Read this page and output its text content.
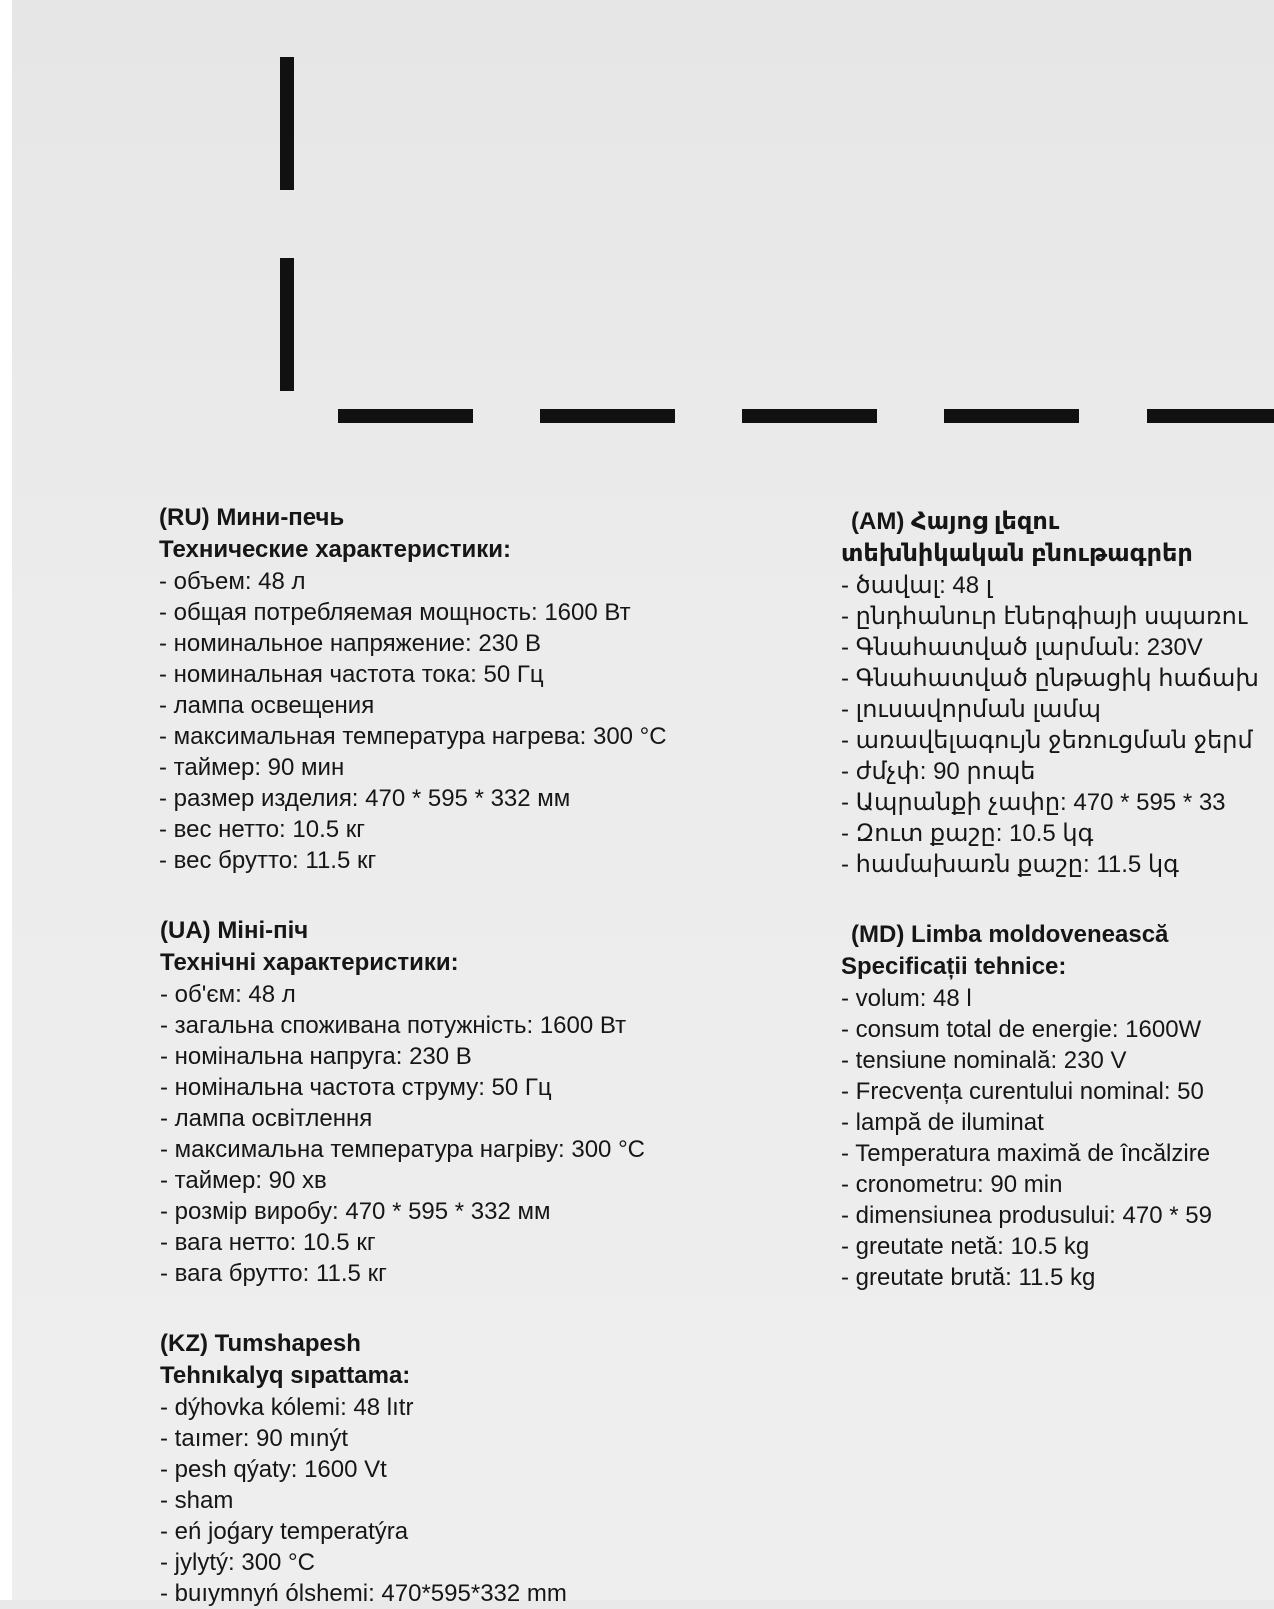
(RU) Мини-печь
Технические характеристики:
- объем: 48 л
- общая потребляемая мощность: 1600 Вт
- номинальное напряжение: 230 В
- номинальная частота тока: 50 Гц
- лампа освещения
- максимальная температура нагрева: 300 °C
- таймер: 90 мин
- размер изделия: 470 * 595 * 332 мм
- вес нетто: 10.5 кг
- вес брутто: 11.5 кг
(UA) Міні-піч
Технічні характеристики:
- об'єм: 48 л
- загальна споживана потужність: 1600 Вт
- номінальна напруга: 230 В
- номінальна частота струму: 50 Гц
- лампа освітлення
- максимальна температура нагріву: 300 °C
- таймер: 90 хв
- розмір виробу: 470 * 595 * 332 мм
- вага нетто: 10.5 кг
- вага брутто: 11.5 кг
(KZ) Tumshapesh
Tehnıkalyq sıpattama:
- dýhovka kólemi: 48 lıtr
- taımer: 90 mınýt
- pesh qýaty: 1600 Vt
- sham
- eń joǵary temperatýra
- jylytý: 300 °C
- buıymnyń ólshemi: 470*595*332 mm
(AM) Հայոց լեզու
տեխնիկական բնութագրեր
- ծավալ: 48 լ
- ընդհանուր էներգիայի սպառու
- Գնահատված լարման: 230V
- Գնահատված ընթացիկ հաճախ
- լուսավորման լամպ
- առավելագույն ջեռուցման ջերմ
- ժմչփ: 90 րոպե
- Ապրանքի չափը: 470 * 595 * 33
- Զուտ քաշը: 10.5 կգ
- համախառն քաշը: 11.5 կգ
(MD) Limba moldovenească
Specificații tehnice:
- volum: 48 l
- consum total de energie: 1600W
- tensiune nominală: 230 V
- Frecvența curentului nominal: 50
- lampă de iluminat
- Temperatura maximă de încălzire
- cronometru: 90 min
- dimensiunea produsului: 470 * 59
- greutate netă: 10.5 kg
- greutate brută: 11.5 kg
